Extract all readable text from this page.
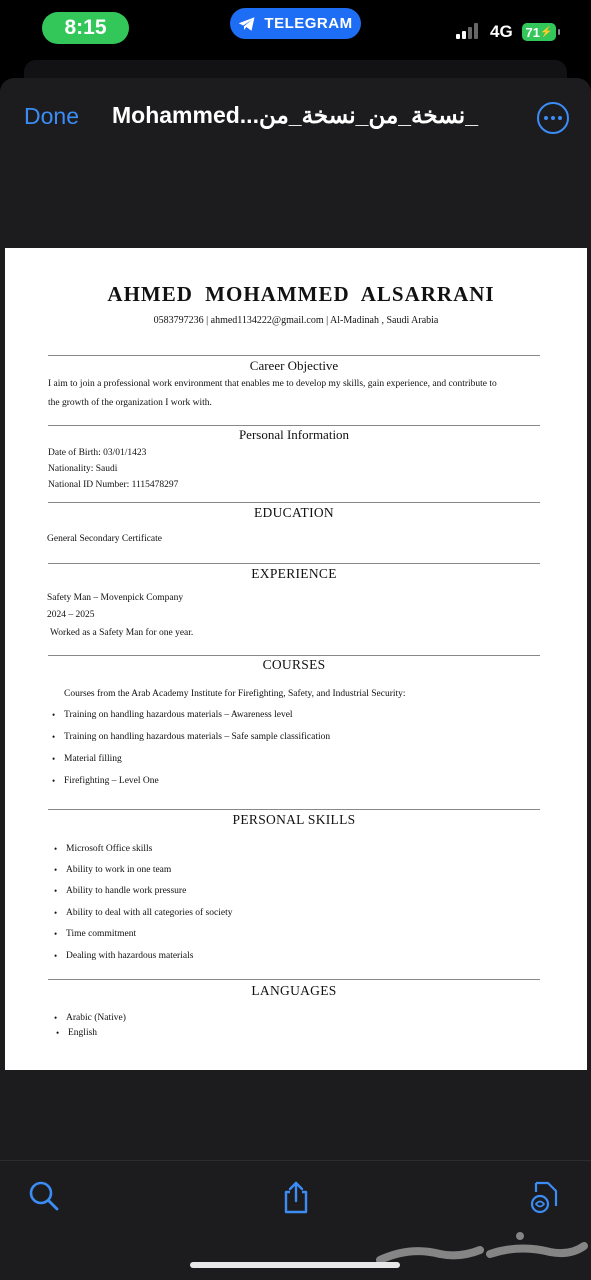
8:15	TELEGRAM	4G 71 ⚡
Done Mohammed...نسخة_من_نسخة_من_
AHMED MOHAMMED ALSARRANI
0583797236 | ahmed1134222@gmail.com | Al-Madinah , Saudi Arabia
Career Objective
I aim to join a professional work environment that enables me to develop my skills, gain experience, and contribute to
the growth of the organization I work with.
Personal Information
Date of Birth: 03/01/1423
Nationality: Saudi
National ID Number: 1115478297
EDUCATION
General Secondary Certificate
EXPERIENCE
Safety Man – Movenpick Company
2024 – 2025
Worked as a Safety Man for one year.
COURSES
Courses from the Arab Academy Institute for Firefighting, Safety, and Industrial Security:
• Training on handling hazardous materials – Awareness level
• Training on handling hazardous materials – Safe sample classification
• Material filling
• Firefighting – Level One
PERSONAL SKILLS
• Microsoft Office skills
• Ability to work in one team
• Ability to handle work pressure
• Ability to deal with all categories of society
• Time commitment
• Dealing with hazardous materials
LANGUAGES
• Arabic (Native)
• English
